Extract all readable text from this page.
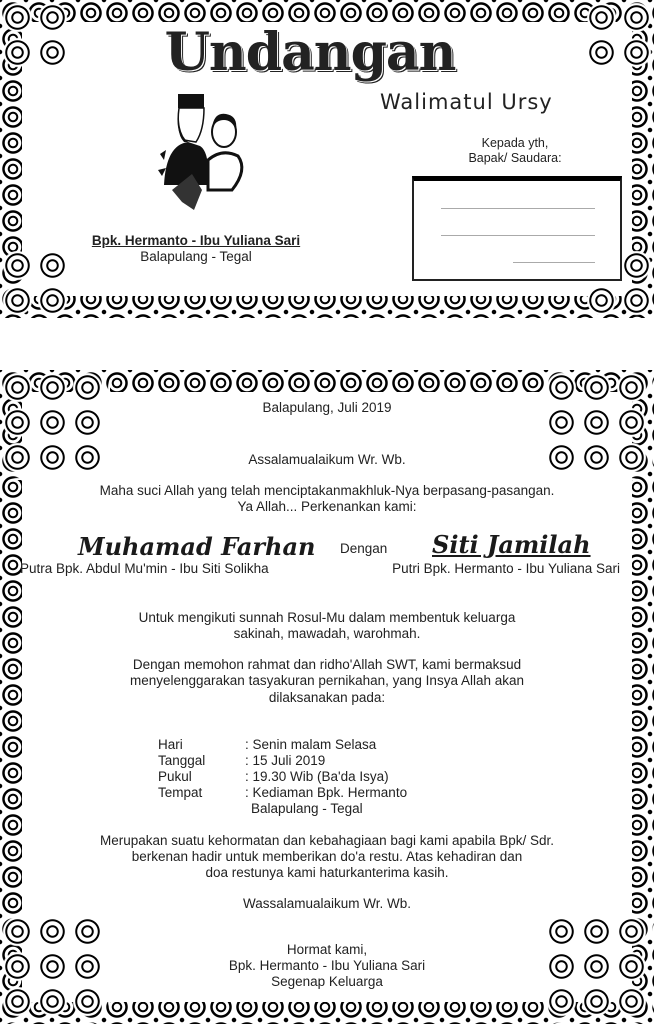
Undangan
Walimatul Ursy
Bpk. Hermanto - Ibu Yuliana Sari
Balapulang - Tegal
Kepada yth,
Bapak/ Saudara:
Balapulang, Juli 2019
Assalamualaikum Wr. Wb.
Maha suci Allah yang telah menciptakanmakhluk-Nya berpasang-pasangan.
Ya Allah... Perkenankan kami:
Muhamad Farhan Dengan Siti Jamilah
Putra Bpk. Abdul Mu'min - Ibu Siti Solikha	Putri Bpk. Hermanto - Ibu Yuliana Sari
Untuk mengikuti sunnah Rosul-Mu dalam membentuk keluarga
sakinah, mawadah, warohmah.
Dengan memohon rahmat dan ridho'Allah SWT, kami bermaksud
menyelenggarakan tasyakuran pernikahan, yang Insya Allah akan
dilaksanakan pada:
Hari	: Senin malam Selasa
Tanggal	: 15 Juli 2019
Pukul	: 19.30 Wib (Ba'da Isya)
Tempat	: Kediaman Bpk. Hermanto
Balapulang - Tegal
Merupakan suatu kehormatan dan kebahagiaan bagi kami apabila Bpk/ Sdr.
berkenan hadir untuk memberikan do'a restu. Atas kehadiran dan
doa restunya kami haturkanterima kasih.
Wassalamualaikum Wr. Wb.
Hormat kami,
Bpk. Hermanto - Ibu Yuliana Sari
Segenap Keluarga
